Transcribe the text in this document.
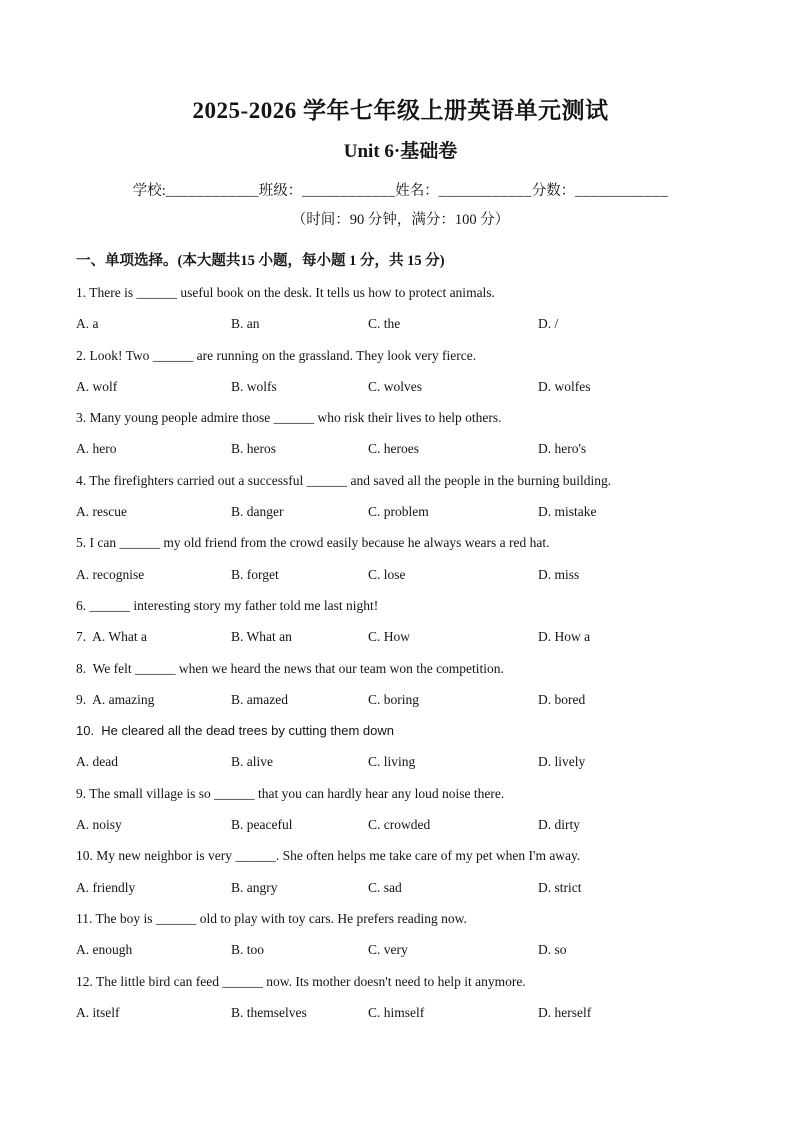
2025-2026 学年七年级上册英语单元测试
Unit 6·基础卷
学校: ____________ 班级： ____________ 姓名： ____________ 分数： ____________
（时间：90 分钟，满分：100 分）
一、单项选择。(本大题共15 小题，每小题 1 分，共 15 分)
1. There is ______ useful book on the desk. It tells us how to protect animals.
A. a	B. an	C. the	D. /
2. Look! Two ______ are running on the grassland. They look very fierce.
A. wolf	B. wolfs	C. wolves	D. wolfes
3. Many young people admire those ______ who risk their lives to help others.
A. hero	B. heros	C. heroes	D. hero's
4. The firefighters carried out a successful ______ and saved all the people in the burning building.
A. rescue	B. danger	C. problem	D. mistake
5. I can ______ my old friend from the crowd easily because he always wears a red hat.
A. recognise	B. forget	C. lose	D. miss
6. ______ interesting story my father told me last night!
7.  A. What a	B. What an	C. How	D. How a
8.  We felt ______ when we heard the news that our team won the competition.
9.  A. amazing	B. amazed	C. boring	D. bored
10.  He cleared all the dead trees by cutting them down
A. dead	B. alive	C. living	D. lively
9. The small village is so ______ that you can hardly hear any loud noise there.
A. noisy	B. peaceful	C. crowded	D. dirty
10. My new neighbor is very ______. She often helps me take care of my pet when I'm away.
A. friendly	B. angry	C. sad	D. strict
11. The boy is ______ old to play with toy cars. He prefers reading now.
A. enough	B. too	C. very	D. so
12. The little bird can feed ______ now. Its mother doesn't need to help it anymore.
A. itself	B. themselves	C. himself	D. herself
